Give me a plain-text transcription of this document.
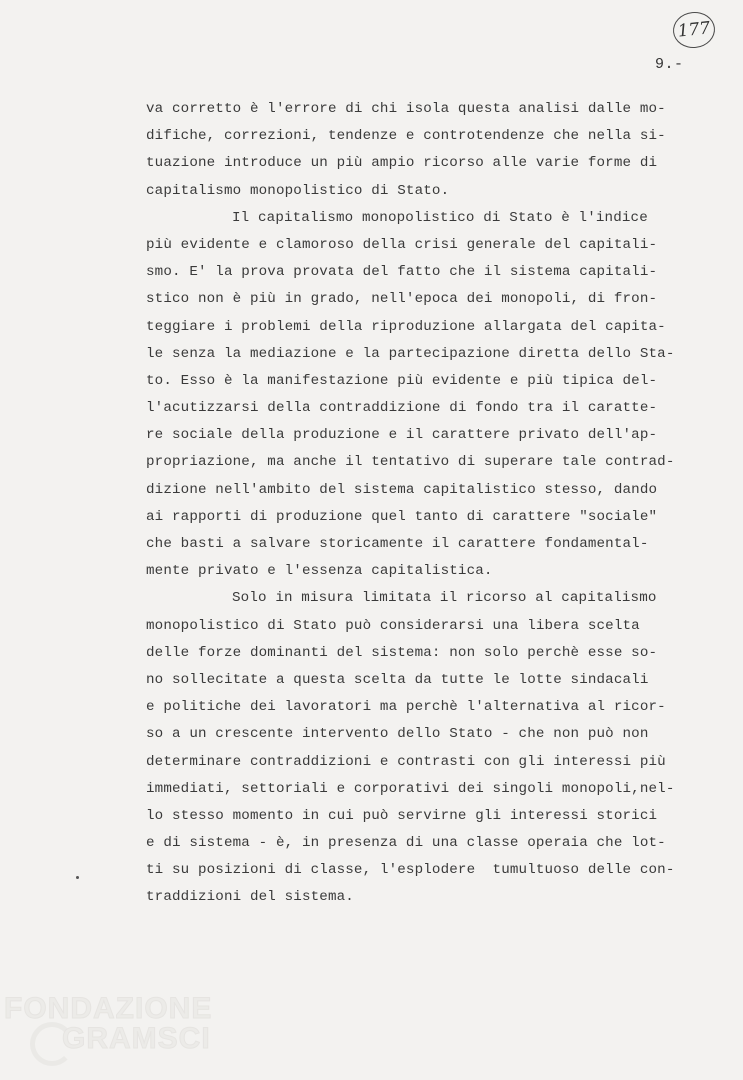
177
9.-
va corretto è l'errore di chi isola questa analisi dalle mo-
difiche, correzioni, tendenze e controtendenze che nella si-
tuazione introduce un più ampio ricorso alle varie forme di
capitalismo monopolistico di Stato.
Il capitalismo monopolistico di Stato è l'indice
più evidente e clamoroso della crisi generale del capitali-
smo. E' la prova provata del fatto che il sistema capitali-
stico non è più in grado, nell'epoca dei monopoli, di fron-
teggiare i problemi della riproduzione allargata del capita-
le senza la mediazione e la partecipazione diretta dello Sta-
to. Esso è la manifestazione più evidente e più tipica del-
l'acutizzarsi della contraddizione di fondo tra il caratte-
re sociale della produzione e il carattere privato dell'ap-
propriazione, ma anche il tentativo di superare tale contrad-
dizione nell'ambito del sistema capitalistico stesso, dando
ai rapporti di produzione quel tanto di carattere "sociale"
che basti a salvare storicamente il carattere fondamental-
mente privato e l'essenza capitalistica.
Solo in misura limitata il ricorso al capitalismo
monopolistico di Stato può considerarsi una libera scelta
delle forze dominanti del sistema: non solo perchè esse so-
no sollecitate a questa scelta da tutte le lotte sindacali
e politiche dei lavoratori ma perchè l'alternativa al ricor-
so a un crescente intervento dello Stato - che non può non
determinare contraddizioni e contrasti con gli interessi più
immediati, settoriali e corporativi dei singoli monopoli,nel-
lo stesso momento in cui può servirne gli interessi storici
e di sistema - è, in presenza di una classe operaia che lot-
ti su posizioni di classe, l'esplodere  tumultuoso delle con-
traddizioni del sistema.
FONDAZIONE
GRAMSCI
